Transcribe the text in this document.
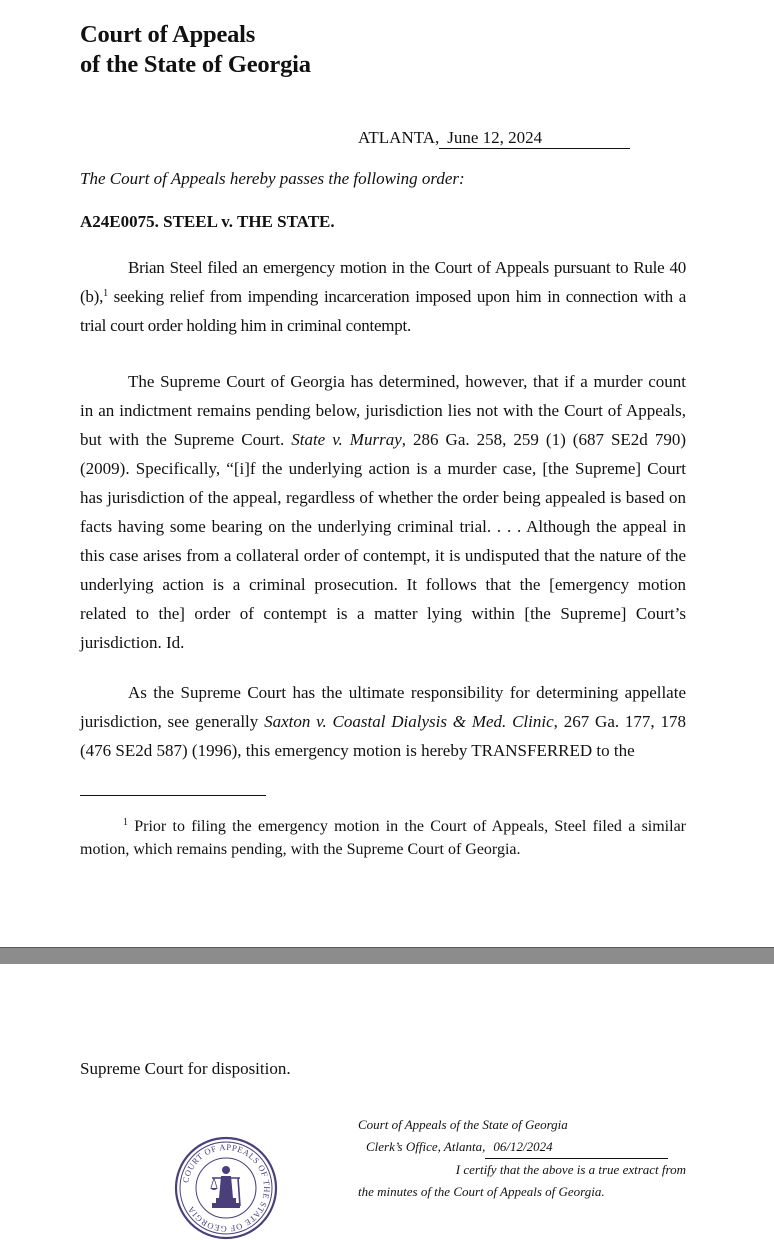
Court of Appeals
of the State of Georgia
ATLANTA, June 12, 2024
The Court of Appeals hereby passes the following order:
A24E0075. STEEL v. THE STATE.

Brian Steel filed an emergency motion in the Court of Appeals pursuant to Rule 40 (b),$^1$ seeking relief from impending incarceration imposed upon him in connection with a trial court order holding him in criminal contempt.

The Supreme Court of Georgia has determined, however, that if a murder count in an indictment remains pending below, jurisdiction lies not with the Court of Appeals, but with the Supreme Court. State v. Murray, 286 Ga. 258, 259 (1) (687 SE2d 790) (2009). Specifically, “[i]f the underlying action is a murder case, [the Supreme] Court has jurisdiction of the appeal, regardless of whether the order being appealed is based on facts having some bearing on the underlying criminal trial. . . . Although the appeal in this case arises from a collateral order of contempt, it is undisputed that the nature of the underlying action is a criminal prosecution. It follows that the [emergency motion related to the] order of contempt is a matter lying within [the Supreme] Court’s jurisdiction. Id.

As the Supreme Court has the ultimate responsibility for determining appellate jurisdiction, see generally Saxton v. Coastal Dialysis & Med. Clinic, 267 Ga. 177, 178 (476 SE2d 587) (1996), this emergency motion is hereby TRANSFERRED to the

$^1$ Prior to filing the emergency motion in the Court of Appeals, Steel filed a similar motion, which remains pending, with the Supreme Court of Georgia.

Supreme Court for disposition.
Court of Appeals of the State of Georgia
Clerk’s Office, Atlanta, 06/12/2024
I certify that the above is a true extract from
the minutes of the Court of Appeals of Georgia.
COURT OF APPEALS OF THE STATE OF GEORGIA
